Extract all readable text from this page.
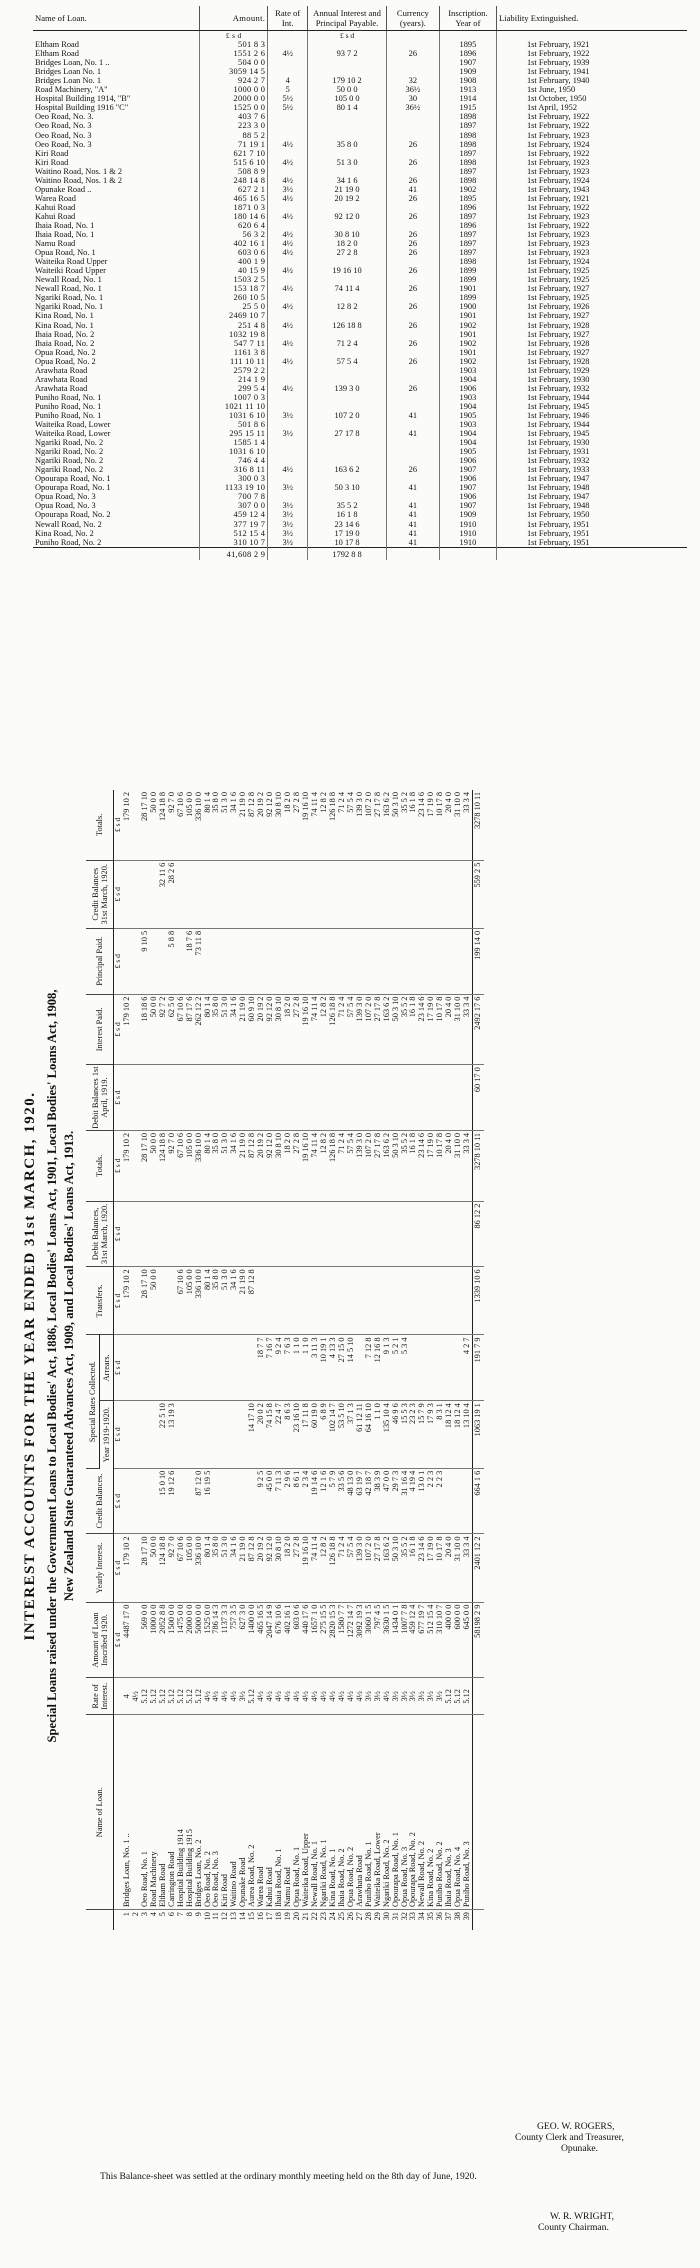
Name of Loan.	Amount.	Rate of Int.	Annual Interest and Principal Payable.	Currency (years).	Inscription. Year of	Liability Extinguished.
	£ s d		£ s d			
Eltham Road	501 8 3				1895	1st February, 1921
Eltham Road	1551 2 6	4½	93 7 2	26	1896	1st February, 1922
Bridges Loan, No. 1 ..	504 0 0				1907	1st February, 1939
Bridges Loan No. 1	3059 14 5				1909	1st February, 1941
Bridges Loan No. 1	924 2 7	4	179 10 2	32	1908	1st February, 1940
Road Machinery, "A"	1000 0 0	5	50 0 0	36½	1913	1st June, 1950
Hospital Building 1914, "B"	2000 0 0	5½	105 0 0	30	1914	1st October, 1950
Hospital Building 1916 "C"	1525 0 0	5½	80 1 4	36½	1915	1st April, 1952
Oeo Road, No. 3.	403 7 6				1898	1st February, 1922
Oeo Road, No. 3	223 3 0				1897	1st February, 1922
Oeo Road, No. 3	88 5 2				1898	1st February, 1923
Oeo Road, No. 3	71 19 1	4½	35 8 0	26	1898	1st February, 1924
Kiri Road	621 7 10				1897	1st February, 1922
Kiri Road	515 6 10	4½	51 3 0	26	1898	1st February, 1923
Waitino Road, Nos. 1 & 2	508 8 9				1897	1st February, 1923
Waitino Road, Nos. 1 & 2	248 14 8	4½	34 1 6	26	1898	1st February, 1924
Opunake Road ..	627 2 1	3½	21 19 0	41	1902	1st February, 1943
Warea Road	465 16 5	4½	20 19 2	26	1895	1st February, 1921
Kahui Road	1871 0 3				1896	1st February, 1922
Kahui Road	180 14 6	4½	92 12 0	26	1897	1st February, 1923
Ihaia Road, No. 1	620 6 4				1896	1st February, 1922
Ihaia Road, No. 1	56 3 2	4½	30 8 10	26	1897	1st February, 1923
Namu Road	402 16 1	4½	18 2 0	26	1897	1st February, 1923
Opua Road, No. 1	603 0 6	4½	27 2 8	26	1897	1st February, 1923
Waiteika Road Upper	400 1 9				1898	1st February, 1924
Waiteiki Road Upper	40 15 9	4½	19 16 10	26	1899	1st February, 1925
Newall Road, No. 1	1503 2 5				1899	1st February, 1925
Newall Road, No. 1	153 18 7	4½	74 11 4	26	1901	1st February, 1927
Ngariki Road, No. 1	260 10 5				1899	1st February, 1925
Ngariki Road, No. 1	25 5 0	4½	12 8 2	26	1900	1st February, 1926
Kina Road, No. 1	2469 10 7				1901	1st February, 1927
Kina Road, No. 1	251 4 8	4½	126 18 8	26	1902	1st February, 1928
Ihaia Road, No. 2	1032 19 8				1901	1st February, 1927
Ihaia Road, No. 2	547 7 11	4½	71 2 4	26	1902	1st February, 1928
Opua Road, No. 2	1161 3 8				1901	1st February, 1927
Opua Road, No. 2	111 10 11	4½	57 5 4	26	1902	1st February, 1928
Arawhata Road	2579 2 2				1903	1st February, 1929
Arawhata Road	214 1 9				1904	1st February, 1930
Arawhata Road	299 5 4	4½	139 3 0	26	1906	1st February, 1932
Puniho Road, No. 1	1007 0 3				1903	1st February, 1944
Puniho Road, No. 1	1021 11 10				1904	1st February, 1945
Puniho Road, No. 1	1031 6 10	3½	107 2 0	41	1905	1st February, 1946
Waiteika Road, Lower	501 8 6				1903	1st February, 1944
Waiteika Road, Lower	295 15 11	3½	27 17 8	41	1904	1st February, 1945
Ngariki Road, No. 2	1585 1 4				1904	1st February, 1930
Ngariki Road, No. 2	1031 6 10				1905	1st February, 1931
Ngariki Road, No. 2	746 4 4				1906	1st February, 1932
Ngariki Road, No. 2	316 8 11	4½	163 6 2	26	1907	1st February, 1933
Opourapa Road, No. 1	300 0 3				1906	1st February, 1947
Opourapa Road, No. 1	1133 19 10	3½	50 3 10	41	1907	1st February, 1948
Opua Road, No. 3	700 7 8				1906	1st February, 1947
Opua Road, No. 3	307 0 0	3½	35 5 2	41	1907	1st February, 1948
Opourapa Road, No. 2	459 12 4	3½	16 1 8	41	1909	1st February, 1950
Newall Road, No. 2	377 19 7	3½	23 14 6	41	1910	1st February, 1951
Kina Road, No. 2	512 15 4	3½	17 19 0	41	1910	1st February, 1951
Puniho Road, No. 2	310 10 7	3½	10 17 8	41	1910	1st February, 1951
	41,608 2 9		1792 8 8			
INTEREST ACCOUNTS FOR THE YEAR ENDED 31st MARCH, 1920. Special Loans raised under the Government Loans to Local Bodies' Act, 1886, Local Bodies' Loans Act, 1901, Local Bodies' Loans Act, 1908, New Zealand State Guaranteed Advances Act, 1909, and Local Bodies' Loans Act, 1913.
	Name of Loan.	Rate of Interest.	Amount of Loan Inscribed 1920.	Yearly Interest.	Credit Balances.	Special Rates Collected.		Transfers.	Debit Balances, 31st March, 1920.	Totals.	Debit Balances 1st April, 1919.	Interest Paid.	Principal Paid.	Credit Balances 31st March, 1920.	Totals.
						Year 1919-1920.	Arrears.								
			£ s d	£ s d	£ s d	£ s d	£ s d	£ s d	£ s d	£ s d	£ s d	£ s d	£ s d	£ s d	£ s d
1	Bridges Loan, No. 1 ..	4	4487 17 0	179 10 2				179 10 2		179 10 2		179 10 2			179 10 2
2		4½													
3	Oeo Road, No. 1	5.12	569 0 0	28 17 10				28 17 10		28 17 10		18 18 6	9 10 5		28 17 10
4	Road Machinery	5.12	1000 0 0	50 0 0				50 0 0		50 0 0		50 0 0			50 0 0
5	Eltham Road	5.12	2052 8 8	124 18 8	15 0 10	22 5 10				124 18 8		92 7 2		32 11 6	124 18 8
6	Carrington Road	5.12	1500 0 0	92 7 0	19 12 6	13 19 3				92 7 0		62 5 0	5 8 8	28 2 6	92 7 0
7	Hospital Building 1914	5.12	1475 0 0	67 10 6				67 10 6		67 10 6		67 10 6			67 10 6
8	Hospital Building 1915	5.12	2000 0 0	105 0 0				105 0 0		105 0 0		87 17 6	18 7 6		105 0 0
9	Bridges Loan, No. 2	5.12	5000 0 0	336 10 0	87 12 0			336 10 0		336 10 0		262 12 2	73 11 8		336 10 0
10	Oeo Road, No. 2	4½	1525 0 0	80 1 4	16 19 5			80 1 4		80 1 4		80 1 4			80 1 4
11	Oeo Road, No. 3	4½	786 14 3	35 8 0				35 8 0		35 8 0		35 8 0			35 8 0
12	Kiri Road	4½	1137 3 3	51 3 0				51 3 0		51 3 0		51 3 0			51 3 0
13	Waitino Road	4½	757 3 5	34 1 6				34 1 6		34 1 6		34 1 6			34 1 6
14	Opunake Road	3½	627 3 0	21 19 0				21 19 0		21 19 0		21 19 0			21 19 0
15	Aurea Road, No. 2	5.12	1400 0 0	87 12 8		14 17 10		87 12 8		87 12 8		60 9 10			87 12 8
16	Warea Road	4½	465 16 5	20 19 2	9 2 5	20 0 2	18 7 7			20 19 2		20 19 2			20 19 2
17	Kahui Road	4½	2047 14 9	92 12 0	45 0 0	74 15 8	7 16 7			92 12 0		92 12 0			92 12 0
18	Ihaia Road, No. 1	4½	676 10 6	30 8 10	7 11 3	22 4 7	9 2 4			30 8 10		30 8 10			30 8 10
19	Namu Road	4½	402 16 1	18 2 0	2 9 6	8 6 3	7 6 3			18 2 0		18 2 0			18 2 0
20	Opua Road, No. 1	4½	603 0 6	27 2 8	8 6 1	23 16 10	1 1 0			27 2 8		27 2 8			27 2 8
21	Waiteika Road, Upper	4½	440 17 6	19 16 10	2 3 4	17 11 8	1 1 0			19 16 10		19 16 10			19 16 10
22	Newall Road, No. 1	4½	1657 1 0	74 11 4	19 14 6	60 19 0	3 11 3			74 11 4		74 11 4			74 11 4
23	Ngariki Road, No. 1	4½	275 15 5	12 8 2	12 1 6	6 8 9	10 19 1			12 8 2		12 8 2			12 8 2
24	Kina Road, No. 1	4½	2820 15 3	126 18 8	5 7 9	102 14 7	4 13 3			126 18 8		126 18 8			126 18 8
25	Ihaia Road, No. 2	4½	1580 7 7	71 2 4	33 5 6	53 5 10	27 15 0			71 2 4		71 2 4			71 2 4
26	Opua Road, No. 2	4½	1272 14 7	57 5 4	48 13 0	37 1 3	14 5 10			57 5 4		57 5 4			57 5 4
27	Arawhata Road	4½	3092 19 3	139 3 0	63 19 7	61 12 11				139 3 0		139 3 0			139 3 0
28	Puniho Road, No. 1	3½	3060 1 5	107 2 0	42 18 7	64 16 10	7 12 8			107 2 0		107 2 0			107 2 0
29	Waiteika Road, Lower	3½	797 4 5	27 17 8	38 3 9	1 1 0	12 16 8			27 17 8		27 17 8			27 17 8
30	Ngariki Road, No. 2	4½	3630 1 5	163 6 2	47 0 0	135 10 4	9 1 3			163 6 2		163 6 2			163 6 2
31	Opourapa Road, No. 1	3½	1434 0 1	50 3 10	29 7 3	46 9 6	5 2 1			50 3 10		50 3 10			50 3 10
32	Opua Road, No. 3	3½	1007 7 8	35 5 2	31 16 4	15 5 3	5 3 4			35 5 2		35 5 2			35 5 2
33	Opourapa Road, No. 2	3½	459 12 4	16 1 8	4 19 4	23 2 3				16 1 8		16 1 8			16 1 8
34	Newall Road, No. 2	3½	677 19 7	23 14 6	13 0 1	15 7 9				23 14 6		23 14 6			23 14 6
35	Kina Road, No. 2	3½	512 15 4	17 19 0	2 2 3	17 9 3				17 19 0		17 19 0			17 19 0
36	Puniho Road, No. 2	3½	310 10 7	10 17 8	2 2 3	8 3 1				10 17 8		10 17 8			10 17 8
37	Ihaia Road, No. 3	5.12	400 0 0	20 4 0		18 12 4				20 4 0		20 4 0			20 4 0
38	Opua Road, No. 4	5.12	600 0 0	31 10 0		18 12 4				31 10 0		31 10 0			31 10 0
39	Puniho Road, No. 3	5.12	645 0 0	33 3 4		13 10 4	4 2 7			33 3 4		33 3 4			33 3 4
			58198 2 9	2401 12 2	664 1 6	1063 19 1	191 7 9	1339 10 6	86 12 2	3278 10 11	60 17 0	2492 17 6	199 14 0	559 2 5	3278 10 11
GEO. W. ROGERS,
County Clerk and Treasurer,
Opunake.
This Balance-sheet was settled at the ordinary monthly meeting held on the 8th day of June, 1920.
W. R. WRIGHT,
County Chairman.
